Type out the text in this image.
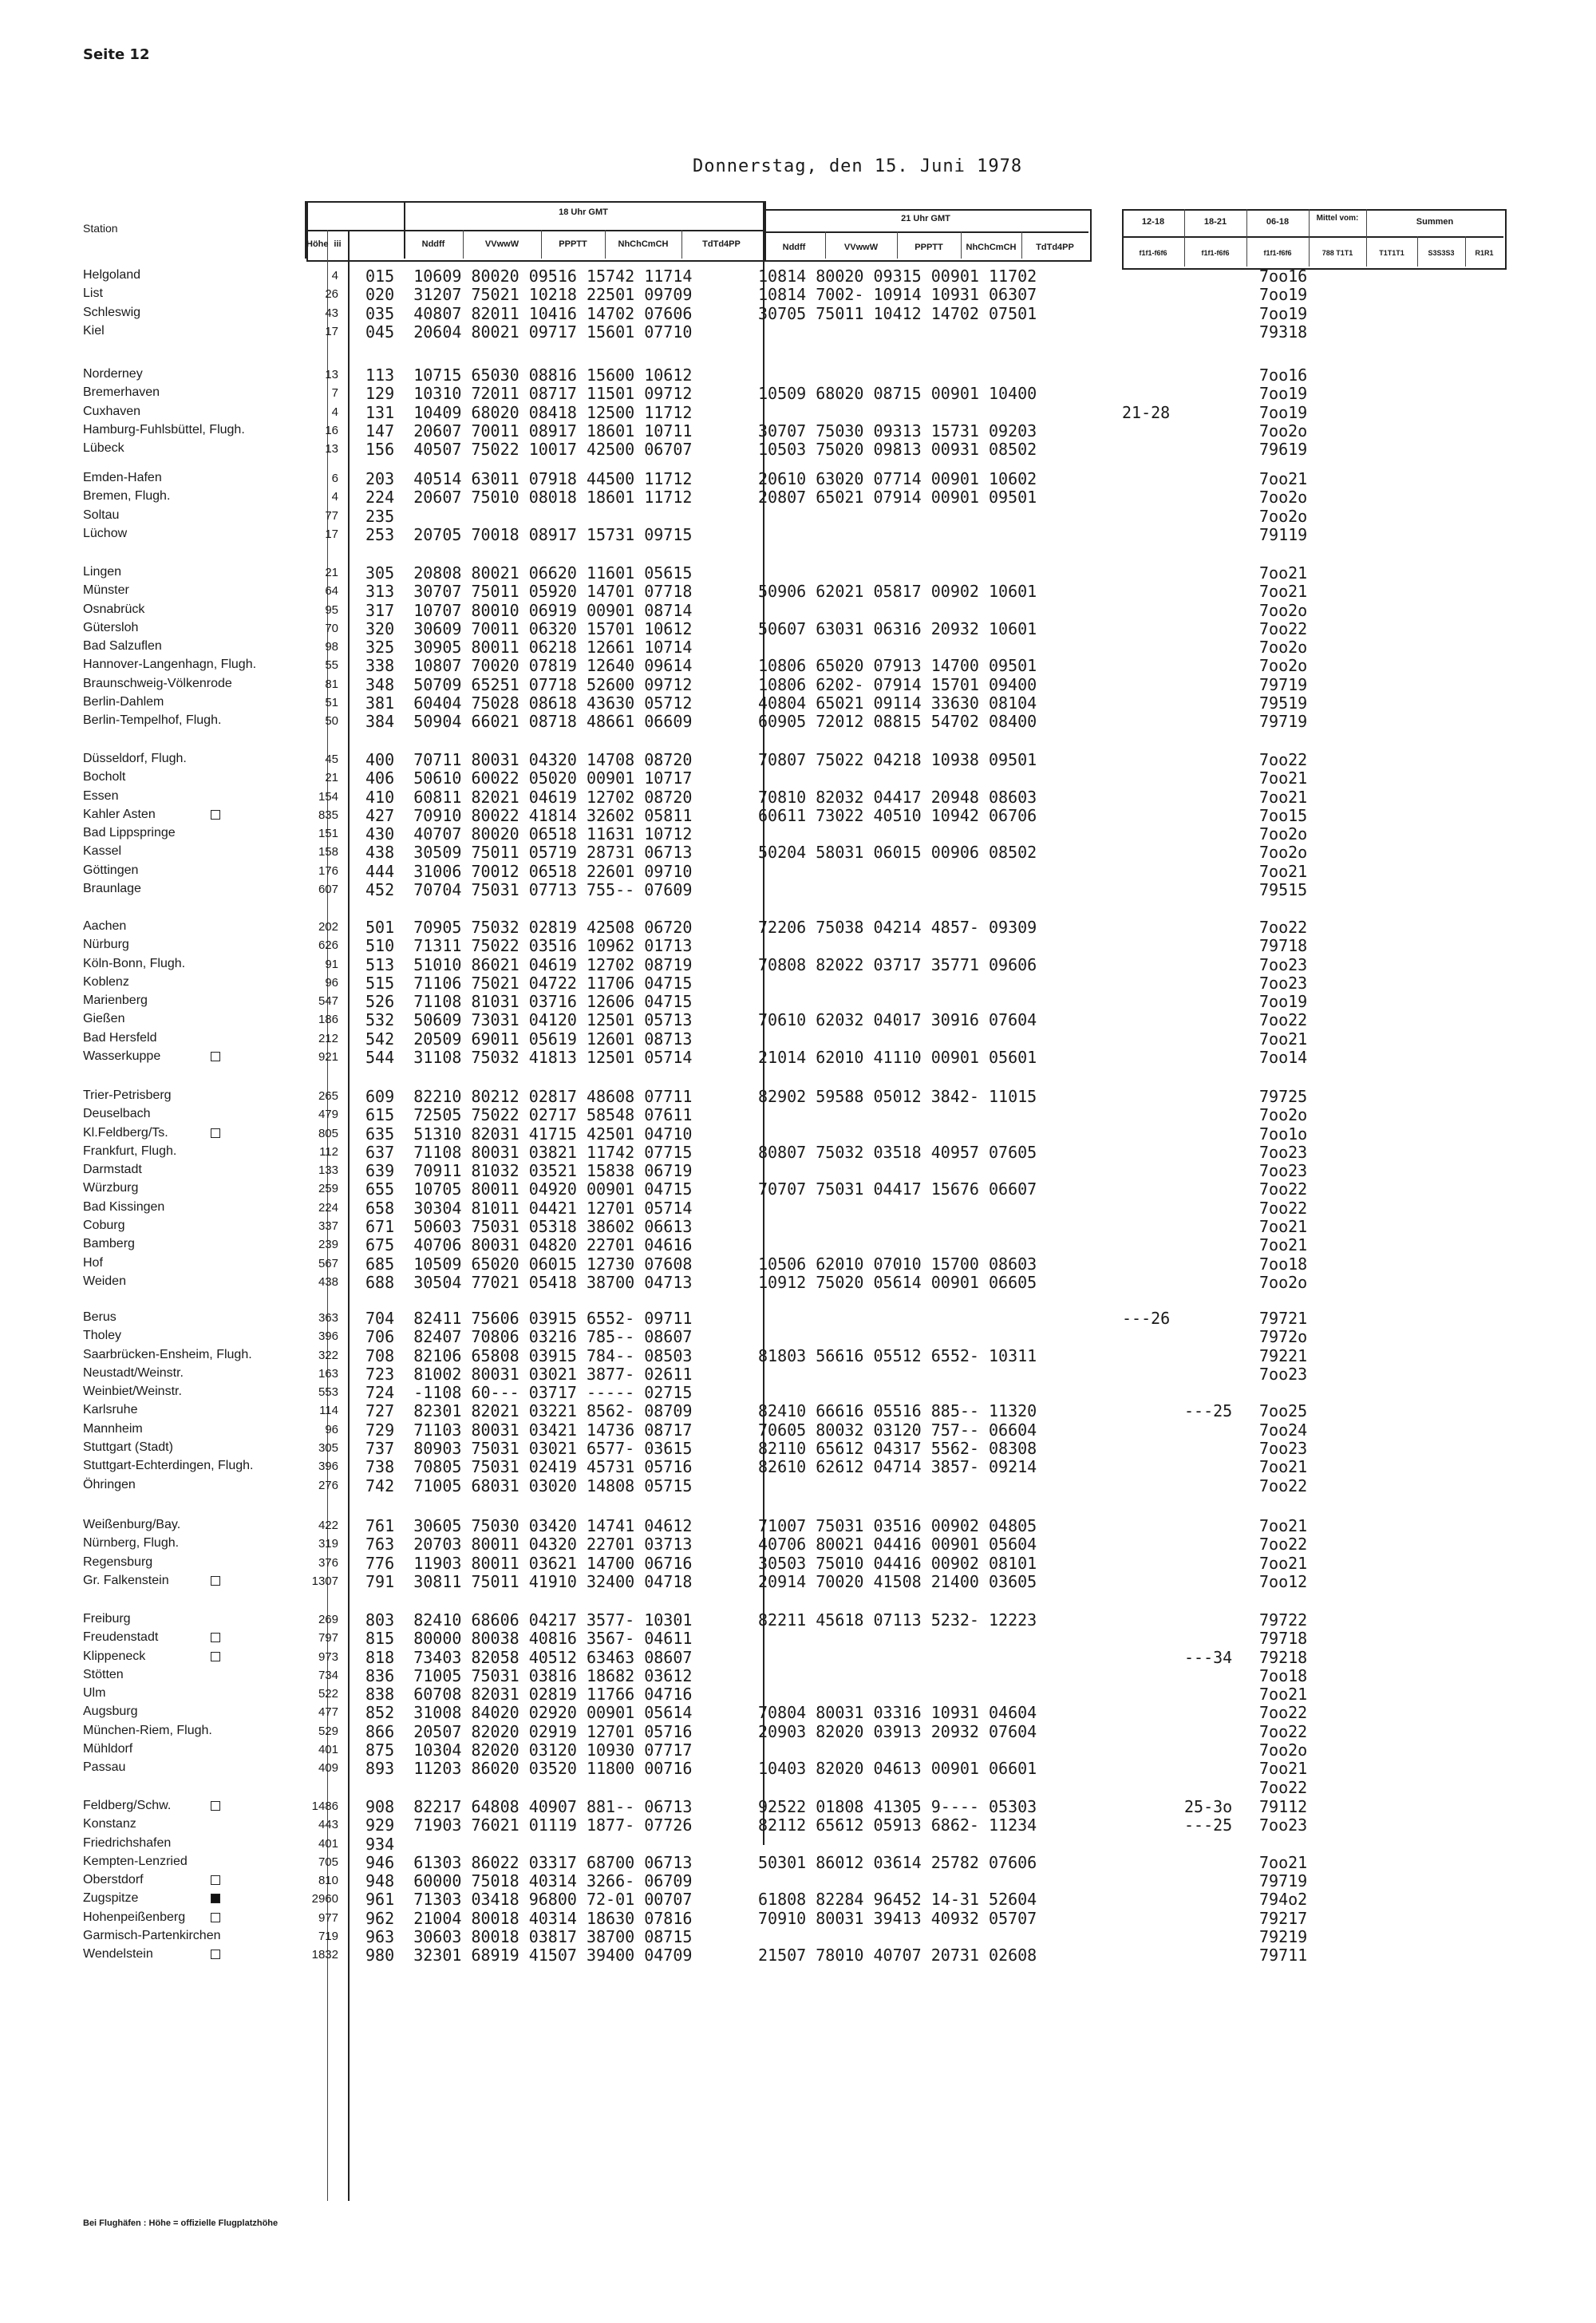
Seite 12
Donnerstag, den 15. Juni 1978
Station
Höhe iii
18 Uhr GMT
Nddff	VVwwW	PPPTT	NhChCmCH	TdTd4PP
21 Uhr GMT
Nddff	VVwwW	PPPTT	NhChCmCH	TdTd4PP
12-18	18-21	06-18	Mittel vom:	Summen
f1f1-f6f6	f1f1-f6f6	f1f1-f6f6	788 T1T1	T1T1T1	S3S3S3	R1R1
Helgoland	4 015  10609 80020 09516 15742 11714	10814 80020 09315 00901 11702	7oo16
List	26 020  31207 75021 10218 22501 09709	10814 7002- 10914 10931 06307	7oo19
Schleswig	43 035  40807 82011 10416 14702 07606	30705 75011 10412 14702 07501	7oo19
Kiel	17 045  20604 80021 09717 15601 07710	79318
Norderney	13 113  10715 65030 08816 15600 10612	7oo16
Bremerhaven	7 129  10310 72011 08717 11501 09712	10509 68020 08715 00901 10400	7oo19
Cuxhaven	4 131  10409 68020 08418 12500 11712	21-28	7oo19
Hamburg-Fuhlsbüttel, Flugh.	16 147  20607 70011 08917 18601 10711	30707 75030 09313 15731 09203	7oo2o
Lübeck	13 156  40507 75022 10017 42500 06707	10503 75020 09813 00931 08502	79619
Emden-Hafen	6 203  40514 63011 07918 44500 11712	20610 63020 07714 00901 10602	7oo21
Bremen, Flugh.	4 224  20607 75010 08018 18601 11712	20807 65021 07914 00901 09501	7oo2o
Soltau	77 235	7oo2o
Lüchow	17 253  20705 70018 08917 15731 09715	79119
Lingen	21 305  20808 80021 06620 11601 05615	7oo21
Münster	64 313  30707 75011 05920 14701 07718	50906 62021 05817 00902 10601	7oo21
Osnabrück	95 317  10707 80010 06919 00901 08714	7oo2o
Gütersloh	70 320  30609 70011 06320 15701 10612	50607 63031 06316 20932 10601	7oo22
Bad Salzuflen	98 325  30905 80011 06218 12661 10714	7oo2o
Hannover-Langenhagn, Flugh.	55 338  10807 70020 07819 12640 09614	10806 65020 07913 14700 09501	7oo2o
Braunschweig-Völkenrode	81 348  50709 65251 07718 52600 09712	10806 6202- 07914 15701 09400	79719
Berlin-Dahlem	51 381  60404 75028 08618 43630 05712	40804 65021 09114 33630 08104	79519
Berlin-Tempelhof, Flugh.	50 384  50904 66021 08718 48661 06609	60905 72012 08815 54702 08400	79719
Düsseldorf, Flugh.	45 400  70711 80031 04320 14708 08720	70807 75022 04218 10938 09501	7oo22
Bocholt	21 406  50610 60022 05020 00901 10717	7oo21
Essen	154 410  60811 82021 04619 12702 08720	70810 82032 04417 20948 08603	7oo21
Kahler Asten	835 427  70910 80022 41814 32602 05811	60611 73022 40510 10942 06706	7oo15
Bad Lippspringe	151 430  40707 80020 06518 11631 10712	7oo2o
Kassel	158 438  30509 75011 05719 28731 06713	50204 58031 06015 00906 08502	7oo2o
Göttingen	176 444  31006 70012 06518 22601 09710	7oo21
Braunlage	607 452  70704 75031 07713 755-- 07609	79515
Aachen	202 501  70905 75032 02819 42508 06720	72206 75038 04214 4857- 09309	7oo22
Nürburg	626 510  71311 75022 03516 10962 01713	79718
Köln-Bonn, Flugh.	91 513  51010 86021 04619 12702 08719	70808 82022 03717 35771 09606	7oo23
Koblenz	96 515  71106 75021 04722 11706 04715	7oo23
Marienberg	547 526  71108 81031 03716 12606 04715	7oo19
Gießen	186 532  50609 73031 04120 12501 05713	70610 62032 04017 30916 07604	7oo22
Bad Hersfeld	212 542  20509 69011 05619 12601 08713	7oo21
Wasserkuppe	921 544  31108 75032 41813 12501 05714	21014 62010 41110 00901 05601	7oo14
Trier-Petrisberg	265 609  82210 80212 02817 48608 07711	82902 59588 05012 3842- 11015	79725
Deuselbach	479 615  72505 75022 02717 58548 07611	7oo2o
Kl.Feldberg/Ts.	805 635  51310 82031 41715 42501 04710	7oo1o
Frankfurt, Flugh.	112 637  71108 80031 03821 11742 07715	80807 75032 03518 40957 07605	7oo23
Darmstadt	133 639  70911 81032 03521 15838 06719	7oo23
Würzburg	259 655  10705 80011 04920 00901 04715	70707 75031 04417 15676 06607	7oo22
Bad Kissingen	224 658  30304 81011 04421 12701 05714	7oo22
Coburg	337 671  50603 75031 05318 38602 06613	7oo21
Bamberg	239 675  40706 80031 04820 22701 04616	7oo21
Hof	567 685  10509 65020 06015 12730 07608	10506 62010 07010 15700 08603	7oo18
Weiden	438 688  30504 77021 05418 38700 04713	10912 75020 05614 00901 06605	7oo2o
Berus	363 704  82411 75606 03915 6552- 09711	---26	79721
Tholey	396 706  82407 70806 03216 785-- 08607	7972o
Saarbrücken-Ensheim, Flugh.	322 708  82106 65808 03915 784-- 08503	81803 56616 05512 6552- 10311	79221
Neustadt/Weinstr.	163 723  81002 80031 03021 3877- 02611	7oo23
Weinbiet/Weinstr.	553 724  -1108 60--- 03717 ----- 02715
Karlsruhe	114 727  82301 82021 03221 8562- 08709	82410 66616 05516 885-- 11320	---25 7oo25
Mannheim	96 729  71103 80031 03421 14736 08717	70605 80032 03120 757-- 06604	7oo24
Stuttgart (Stadt)	305 737  80903 75031 03021 6577- 03615	82110 65612 04317 5562- 08308	7oo23
Stuttgart-Echterdingen, Flugh.	396 738  70805 75031 02419 45731 05716	82610 62612 04714 3857- 09214	7oo21
Öhringen	276 742  71005 68031 03020 14808 05715	7oo22
Weißenburg/Bay.	422 761  30605 75030 03420 14741 04612	71007 75031 03516 00902 04805	7oo21
Nürnberg, Flugh.	319 763  20703 80011 04320 22701 03713	40706 80021 04416 00901 05604	7oo22
Regensburg	376 776  11903 80011 03621 14700 06716	30503 75010 04416 00902 08101	7oo21
Gr. Falkenstein	1307 791  30811 75011 41910 32400 04718	20914 70020 41508 21400 03605	7oo12
Freiburg	269 803  82410 68606 04217 3577- 10301	82211 45618 07113 5232- 12223	79722
Freudenstadt	797 815  80000 80038 40816 3567- 04611	79718
Klippeneck	973 818  73403 82058 40512 63463 08607	---34 79218
Stötten	734 836  71005 75031 03816 18682 03612	7oo18
Ulm	522 838  60708 82031 02819 11766 04716	7oo21
Augsburg	477 852  31008 84020 02920 00901 05614	70804 80031 03316 10931 04604	7oo22
München-Riem, Flugh.	529 866  20507 82020 02919 12701 05716	20903 82020 03913 20932 07604	7oo22
Mühldorf	401 875  10304 82020 03120 10930 07717	7oo2o
Passau	409 893  11203 86020 03520 11800 00716	10403 82020 04613 00901 06601	7oo21
7oo22
Feldberg/Schw.	1486 908  82217 64808 40907 881-- 06713	92522 01808 41305 9---- 05303	25-3o 79112
Konstanz	443 929  71903 76021 01119 1877- 07726	82112 65612 05913 6862- 11234	---25 7oo23
Friedrichshafen	401 934
Kempten-Lenzried	705 946  61303 86022 03317 68700 06713	50301 86012 03614 25782 07606	7oo21
Oberstdorf	810 948  60000 75018 40314 3266- 06709	79719
Zugspitze	2960 961  71303 03418 96800 72-01 00707	61808 82284 96452 14-31 52604	794o2
Hohenpeißenberg	977 962  21004 80018 40314 18630 07816	70910 80031 39413 40932 05707	79217
Garmisch-Partenkirchen	719 963  30603 80018 03817 38700 08715	79219
Wendelstein	1832 980  32301 68919 41507 39400 04709	21507 78010 40707 20731 02608	79711
Bei Flughäfen : Höhe = offizielle Flugplatzhöhe
